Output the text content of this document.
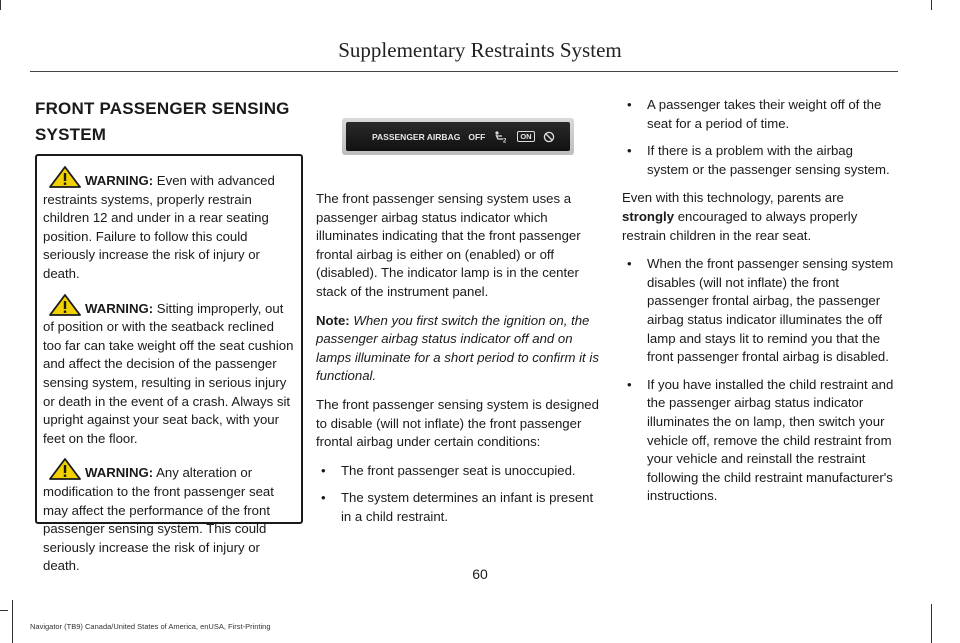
Supplementary Restraints System
FRONT PASSENGER SENSING SYSTEM

WARNING: Even with advanced restraints systems, properly restrain children 12 and under in a rear seating position. Failure to follow this could seriously increase the risk of injury or death.

WARNING: Sitting improperly, out of position or with the seatback reclined too far can take weight off the seat cushion and affect the decision of the passenger sensing system, resulting in serious injury or death in the event of a crash. Always sit upright against your seat back, with your feet on the floor.

WARNING: Any alteration or modification to the front passenger seat may affect the performance of the front passenger sensing system. This could seriously increase the risk of injury or death.

PASSENGER AIRBAG OFF	2
ON

The front passenger sensing system uses a passenger airbag status indicator which illuminates indicating that the front passenger frontal airbag is either on (enabled) or off (disabled). The indicator lamp is in the center stack of the instrument panel.

Note: When you first switch the ignition on, the passenger airbag status indicator off and on lamps illuminate for a short period to confirm it is functional.

The front passenger sensing system is designed to disable (will not inflate) the front passenger frontal airbag under certain conditions:

• The front passenger seat is unoccupied.
• The system determines an infant is present in a child restraint.
• A passenger takes their weight off of the seat for a period of time.
• If there is a problem with the airbag system or the passenger sensing system.

Even with this technology, parents are strongly encouraged to always properly restrain children in the rear seat.

• When the front passenger sensing system disables (will not inflate) the front passenger frontal airbag, the passenger airbag status indicator illuminates the off lamp and stays lit to remind you that the front passenger frontal airbag is disabled.
• If you have installed the child restraint and the passenger airbag status indicator illuminates the on lamp, then switch your vehicle off, remove the child restraint from your vehicle and reinstall the restraint following the child restraint manufacturer's instructions.
60
Navigator (TB9) Canada/United States of America, enUSA, First-Printing
